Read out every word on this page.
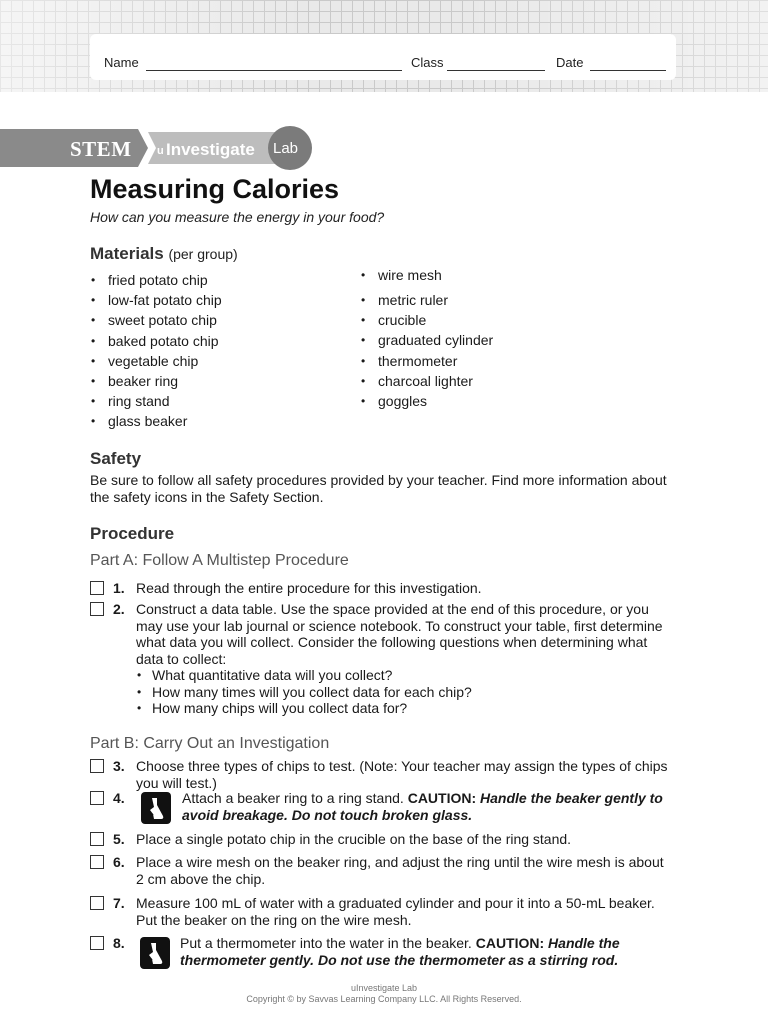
Name	Class	Date
STEM u Investigate Lab
Measuring Calories

How can you measure the energy in your food?

Materials (per group)
• fried potato chip
• low-fat potato chip
• sweet potato chip
• baked potato chip
• vegetable chip
• beaker ring
• ring stand
• glass beaker
• wire mesh
• metric ruler
• crucible
• graduated cylinder
• thermometer
• charcoal lighter
• goggles
Safety

Be sure to follow all safety procedures provided by your teacher. Find more information about the safety icons in the Safety Section.

Procedure
Part A: Follow A Multistep Procedure
1. Read through the entire procedure for this investigation.
2. Construct a data table. Use the space provided at the end of this procedure, or you may use your lab journal or science notebook. To construct your table, first determine what data you will collect. Consider the following questions when determining what data to collect:
• What quantitative data will you collect?
• How many times will you collect data for each chip?
• How many chips will you collect data for?
Part B: Carry Out an Investigation
3. Choose three types of chips to test. (Note: Your teacher may assign the types of chips you will test.)
4.	Attach a beaker ring to a ring stand. CAUTION: Handle the beaker gently to avoid breakage. Do not touch broken glass.
5. Place a single potato chip in the crucible on the base of the ring stand.
6. Place a wire mesh on the beaker ring, and adjust the ring until the wire mesh is about 2 cm above the chip.
7. Measure 100 mL of water with a graduated cylinder and pour it into a 50-mL beaker. Put the beaker on the ring on the wire mesh.
8.	Put a thermometer into the water in the beaker. CAUTION: Handle the thermometer gently. Do not use the thermometer as a stirring rod.
uInvestigate Lab
Copyright © by Savvas Learning Company LLC. All Rights Reserved.
